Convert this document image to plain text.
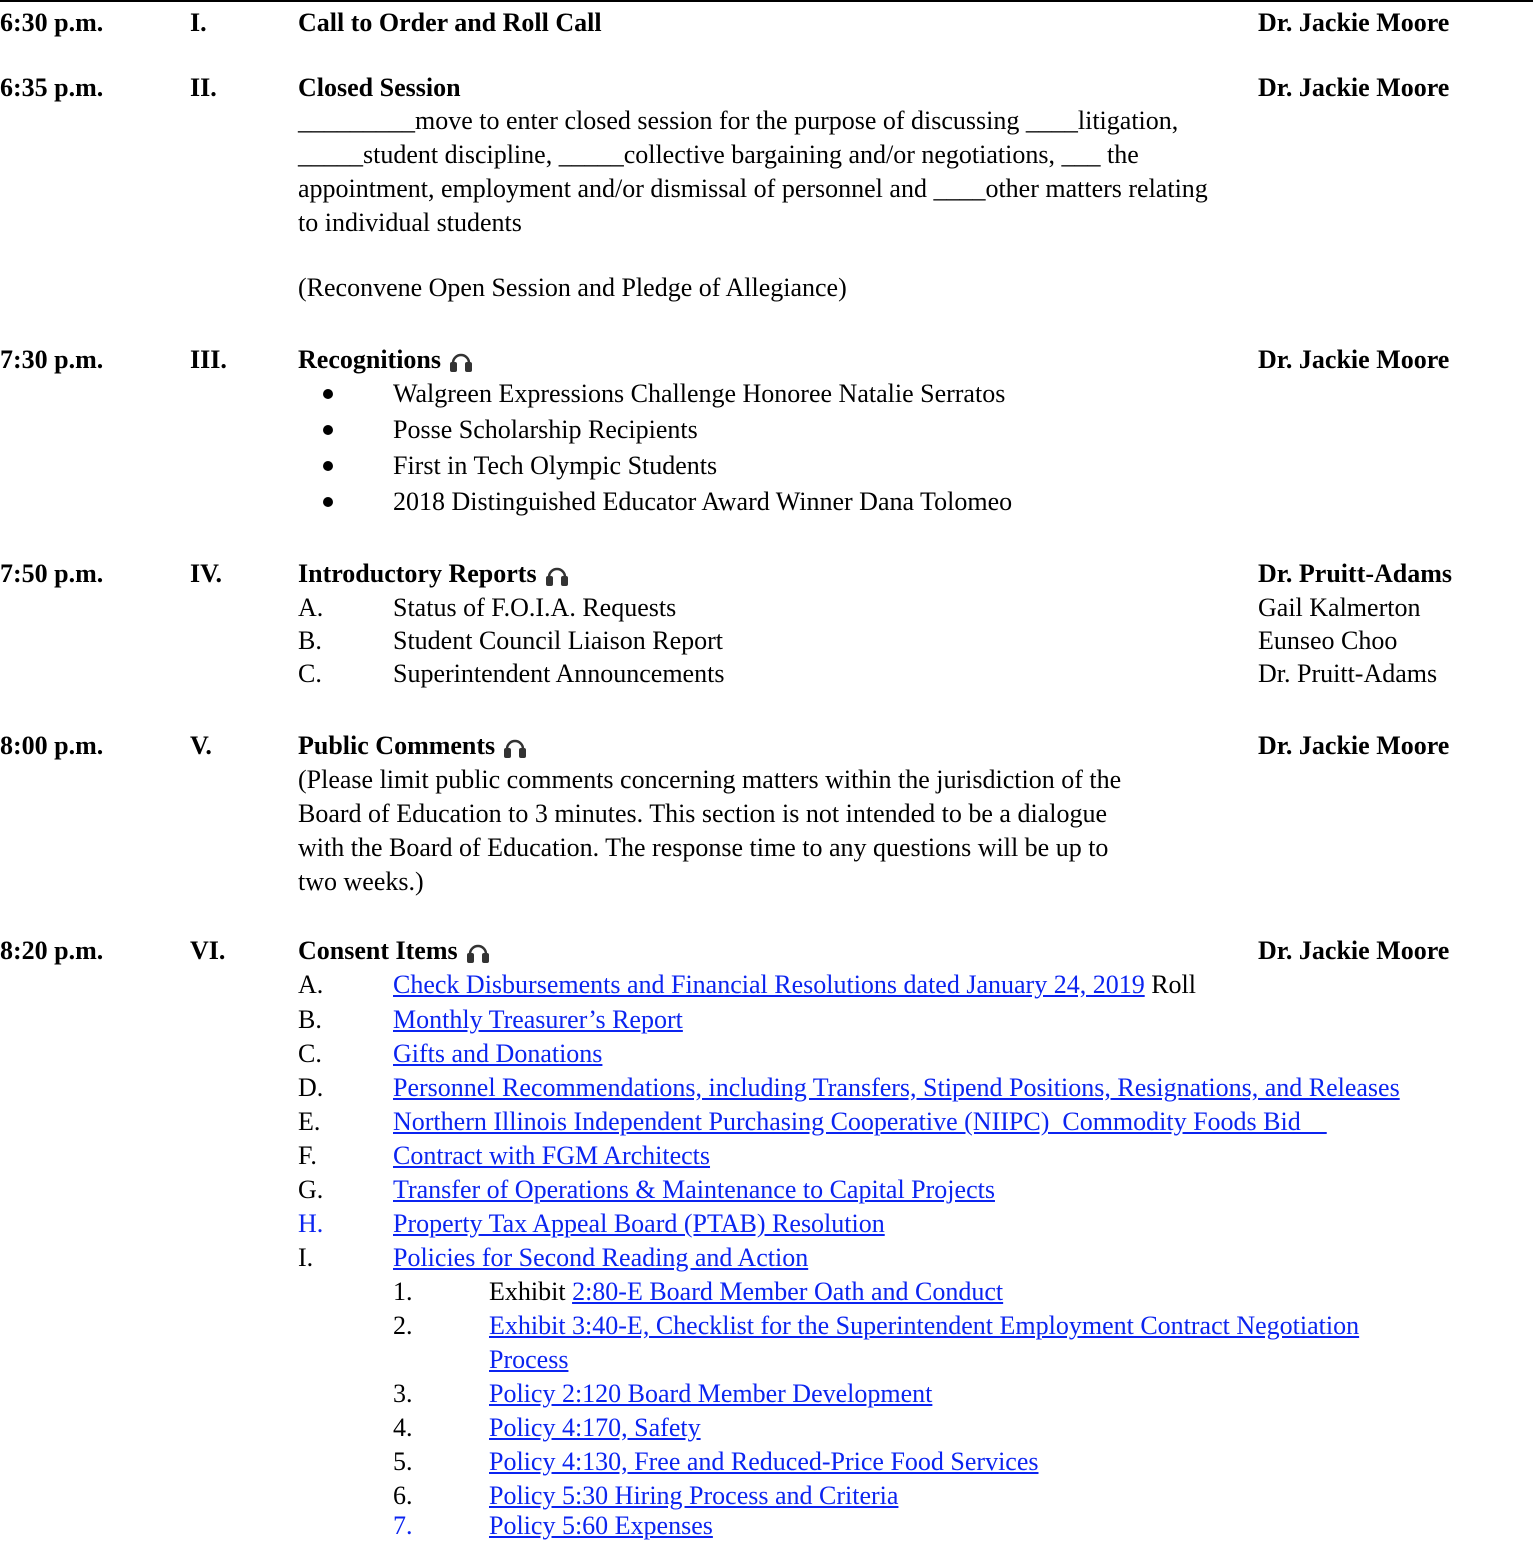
6:30 p.m.	I.	Call to Order and Roll Call	Dr. Jackie Moore
6:35 p.m.	II.	Closed Session	Dr. Jackie Moore
_________move to enter closed session for the purpose of discussing ____litigation,
_____student discipline, _____collective bargaining and/or negotiations, ___ the
appointment, employment and/or dismissal of personnel and ____other matters relating
to individual students
(Reconvene Open Session and Pledge of Allegiance)
7:30 p.m.	III.	Recognitions	Dr. Jackie Moore
Walgreen Expressions Challenge Honoree Natalie Serratos
Posse Scholarship Recipients
First in Tech Olympic Students
2018 Distinguished Educator Award Winner Dana Tolomeo
7:50 p.m.	IV.	Introductory Reports	Dr. Pruitt-Adams
A.	Status of F.O.I.A. Requests	Gail Kalmerton
B.	Student Council Liaison Report	Eunseo Choo
C.	Superintendent Announcements	Dr. Pruitt-Adams
8:00 p.m.	V.	Public Comments	Dr. Jackie Moore
(Please limit public comments concerning matters within the jurisdiction of the
Board of Education to 3 minutes. This section is not intended to be a dialogue
with the Board of Education. The response time to any questions will be up to
two weeks.)
8:20 p.m.	VI.	Consent Items	Dr. Jackie Moore
A.	Check Disbursements and Financial Resolutions dated January 24, 2019 Roll
B.	Monthly Treasurer’s Report
C.	Gifts and Donations
D.	Personnel Recommendations, including Transfers, Stipend Positions, Resignations, and Releases
E.	Northern Illinois Independent Purchasing Cooperative (NIIPC)  Commodity Foods Bid
F.	Contract with FGM Architects
G.	Transfer of Operations & Maintenance to Capital Projects
H.	Property Tax Appeal Board (PTAB) Resolution
I.	Policies for Second Reading and Action
1.	Exhibit 2:80-E Board Member Oath and Conduct
2.	Exhibit 3:40-E, Checklist for the Superintendent Employment Contract Negotiation
Process
3.	Policy 2:120 Board Member Development
4.	Policy 4:170, Safety
5.	Policy 4:130, Free and Reduced-Price Food Services
6.	Policy 5:30 Hiring Process and Criteria
7.	Policy 5:60 Expenses
